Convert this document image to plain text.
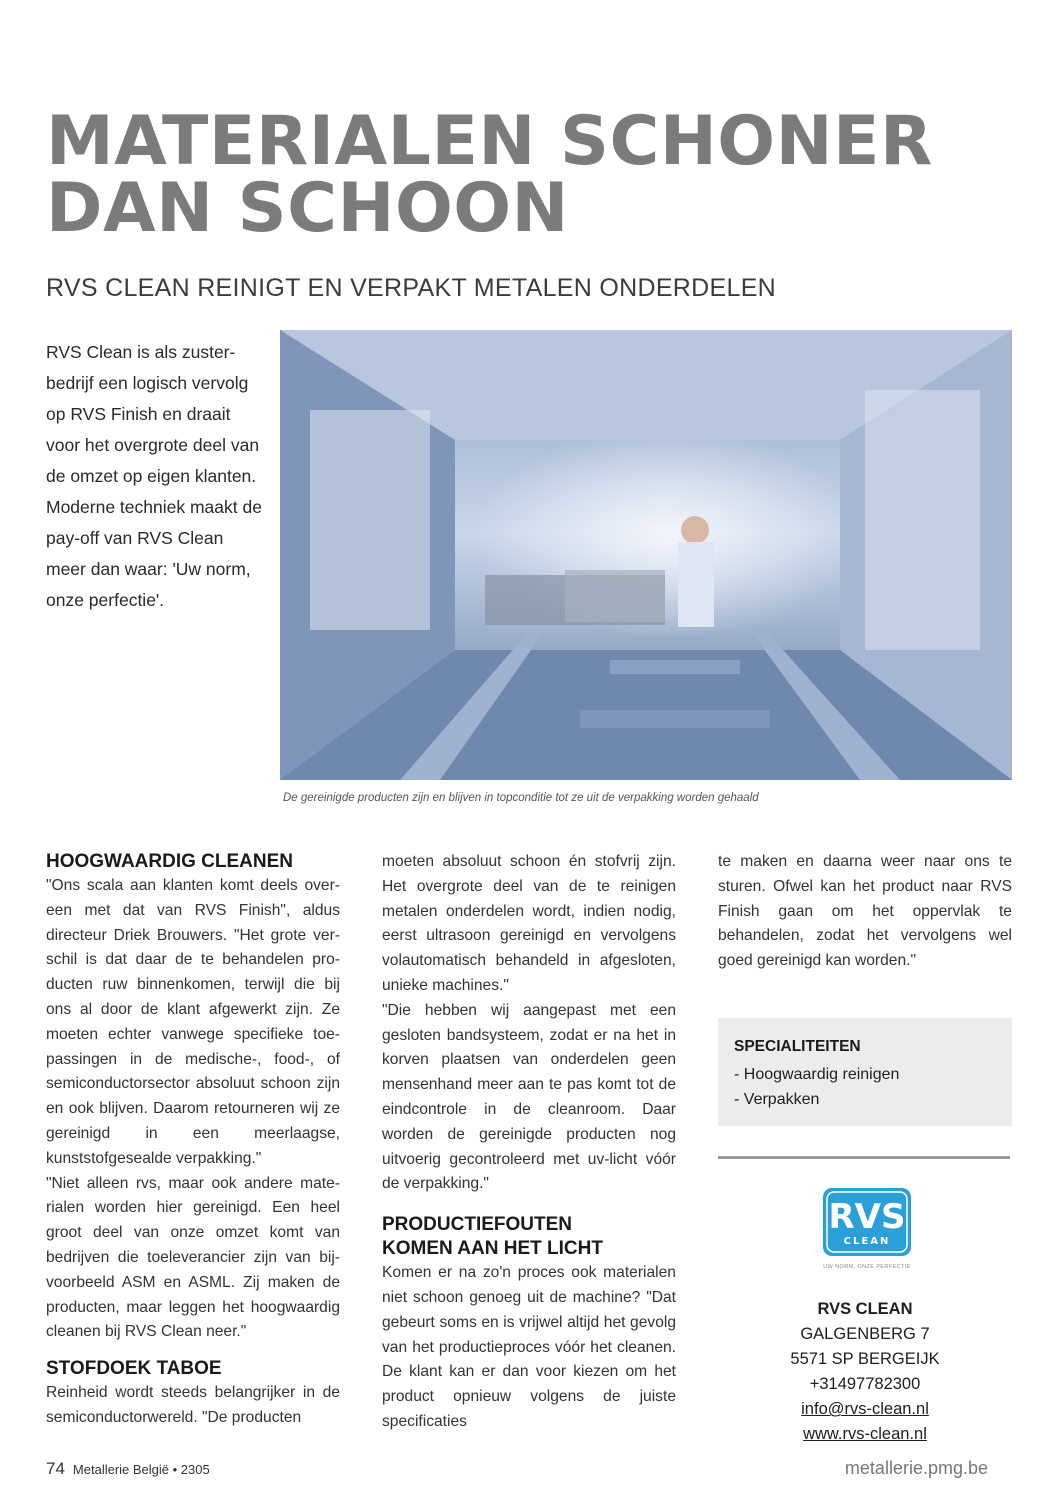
MATERIALEN SCHONER
DAN SCHOON
RVS CLEAN REINIGT EN VERPAKT METALEN ONDERDELEN

RVS Clean is als zuster-bedrijf een logisch vervolg op RVS Finish en draait voor het overgrote deel van de omzet op eigen klanten. Moderne techniek maakt de pay-off van RVS Clean meer dan waar: 'Uw norm, onze perfectie'.

De gereinigde producten zijn en blijven in topconditie tot ze uit de verpakking worden gehaald

HOOGWAARDIG CLEANEN

"Ons scala aan klanten komt deels overeen met dat van RVS Finish", aldus directeur Driek Brouwers. "Het grote verschil is dat daar de te behandelen producten ruw binnenkomen, terwijl die bij ons al door de klant afgewerkt zijn. Ze moeten echter vanwege specifieke toepassingen in de medische-, food-, of semiconductorsector absoluut schoon zijn en ook blijven. Daarom retourneren wij ze gereinigd in een meerlaagse, kunststofgesealde verpakking."

"Niet alleen rvs, maar ook andere materialen worden hier gereinigd. Een heel groot deel van onze omzet komt van bedrijven die toeleverancier zijn van bijvoorbeeld ASM en ASML. Zij maken de producten, maar leggen het hoogwaardig cleanen bij RVS Clean neer."

STOFDOEK TABOE

Reinheid wordt steeds belangrijker in de semiconductorwereld. "De producten

moeten absoluut schoon én stofvrij zijn. Het overgrote deel van de te reinigen metalen onderdelen wordt, indien nodig, eerst ultrasoon gereinigd en vervolgens volautomatisch behandeld in afgesloten, unieke machines."

"Die hebben wij aangepast met een gesloten bandsysteem, zodat er na het in korven plaatsen van onderdelen geen mensenhand meer aan te pas komt tot de eindcontrole in de cleanroom. Daar worden de gereinigde producten nog uitvoerig gecontroleerd met uv-licht vóór de verpakking."

PRODUCTIEFOUTEN
KOMEN AAN HET LICHT

Komen er na zo'n proces ook materialen niet schoon genoeg uit de machine? "Dat gebeurt soms en is vrijwel altijd het gevolg van het productieproces vóór het cleanen. De klant kan er dan voor kiezen om het product opnieuw volgens de juiste specificaties

te maken en daarna weer naar ons te sturen. Ofwel kan het product naar RVS Finish gaan om het oppervlak te behandelen, zodat het vervolgens wel goed gereinigd kan worden."

SPECIALITEITEN
- Hoogwaardig reinigen
- Verpakken
RVS
CLEAN
UW NORM, ONZE PERFECTIE
RVS CLEAN
GALGENBERG 7
5571 SP BERGEIJK
+31497782300
info@rvs-clean.nl
www.rvs-clean.nl
74 Metallerie België • 2305	metallerie.pmg.be
